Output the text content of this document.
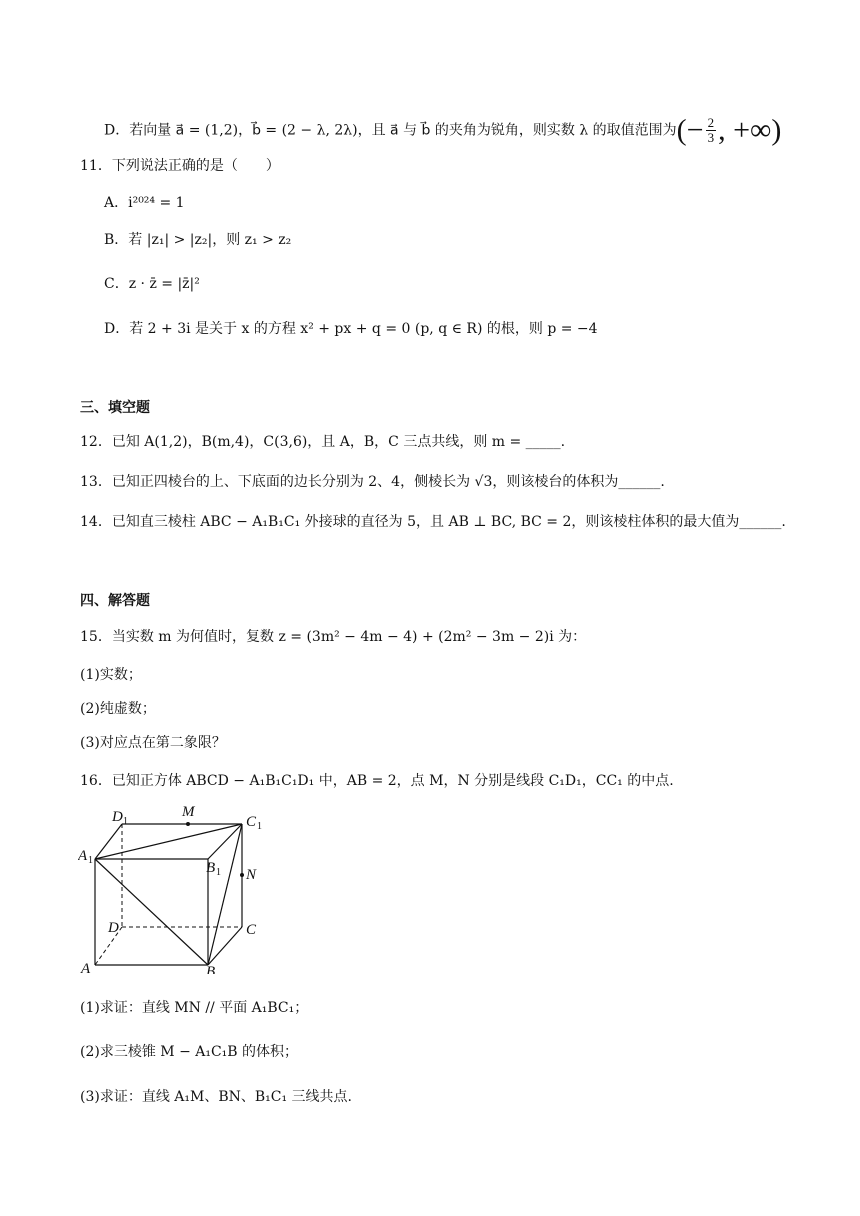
D．若向量 a⃗ = (1,2)，b⃗ = (2 − λ, 2λ)，且 a⃗ 与 b⃗ 的夹角为锐角，则实数 λ 的取值范围为(− $\frac{2}{3}$ , +∞)
11．下列说法正确的是（　　）
A．i²⁰²⁴ = 1
B．若 |z₁| > |z₂|，则 z₁ > z₂
C．z · z̄ = |z̄|²
D．若 2 + 3i 是关于 x 的方程 x² + px + q = 0 (p, q ∈ R) 的根，则 p = −4
三、填空题
12．已知 A(1,2)，B(m,4)，C(3,6)，且 A，B，C 三点共线，则 m = _____.
13．已知正四棱台的上、下底面的边长分别为 2、4，侧棱长为 √3，则该棱台的体积为______.
14．已知直三棱柱 ABC − A₁B₁C₁ 外接球的直径为 5，且 AB ⊥ BC, BC = 2，则该棱柱体积的最大值为______.
四、解答题
15．当实数 m 为何值时，复数 z = (3m² − 4m − 4) + (2m² − 3m − 2)i 为：
(1)实数；
(2)纯虚数；
(3)对应点在第二象限？
16．已知正方体 ABCD − A₁B₁C₁D₁ 中，AB = 2，点 M，N 分别是线段 C₁D₁，CC₁ 的中点.
D 1
M
C 1
A 1	B 1 N
D	C
A	B
(1)求证：直线 MN // 平面 A₁BC₁；
(2)求三棱锥 M − A₁C₁B 的体积；
(3)求证：直线 A₁M、BN、B₁C₁ 三线共点.
